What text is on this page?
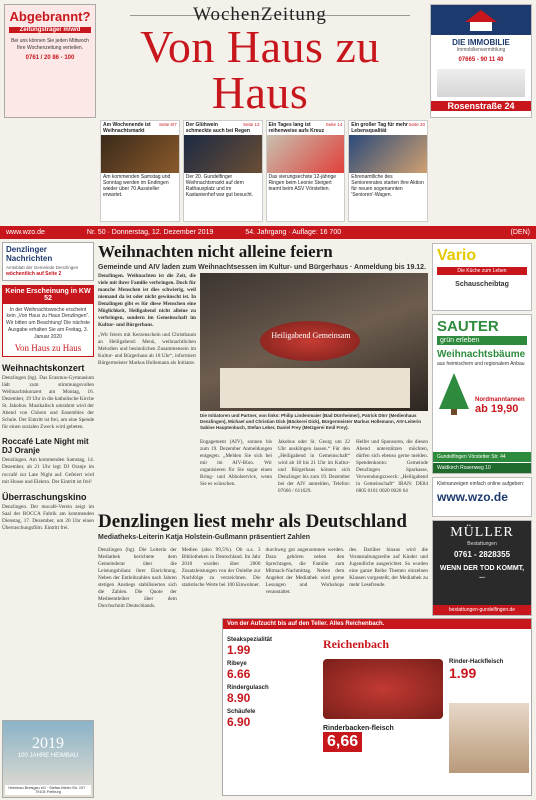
WochenZeitung
Von Haus zu Haus
Abgebrannt?
Zeitungsträger m/w/d
Bei uns können Sie jeden Mittwoch Ihre Wochenzeitung verteilen.
0761 / 20 86 - 100
DIE IMMOBILIE
Immobilienvermittlung
07665 - 90 11 40
Rosenstraße 24
Seite 6/7
Am Wochenende ist Weihnachtsmarkt
Am kommenden Samstag und Sonntag werden im Endingen wieder über 70 Aussteller erwartet.
Seite 13
Der Glühwein schmeckte auch bei Regen
Der 20. Gundelfinger Weihnachtsmarkt auf dem Rathausplatz und im Kastanienhof war gut besucht.
Seite 14
Ein Tages lang ist reihenweise aufs Kreuz
Das vierungsechste 12-jährige Ringen beim Leonie Steigert teamt beim ASV Vörstetten.
Seite 20
Ein großer Tag für mehr Lebensqualität
Ehrenamtliche des Seniorenrates starten ihre Aktion für neuen sogenannten 'Senioren'-Wagen.
www.wzo.de	Nr. 50 · Donnerstag, 12. Dezember 2019	54. Jahrgang · Auflage: 16 700	(DEN)
Denzlinger Nachrichten
Amtsblatt der Gemeinde Denzlingen
wöchentlich auf Seite 2
Keine Erscheinung in KW 52
In der Weihnachtswoche erscheint kein „Von Haus zu Haus Denzlingen“. Wir bitten um Beachtung! Die nächste Ausgabe erhalten Sie am Freitag, 3. Januar 2020
Von Haus zu Haus
Weihnachtskonzert
Denzlingen (hg). Das Erasmus-Gymnasium lädt zum stimmungsvollen Weihnachtskonzert am Montag, 16. Dezember, 19 Uhr in die katholische Kirche St. Jakobus. Musikalisch umrahmt wird der Abend von Chören und Ensembles der Schule. Der Eintritt ist frei, um eine Spende für einen sozialen Zweck wird gebeten.
Roccafé Late Night mit DJ Oranje
Denzlingen. Am kommenden Samstag, 14. Dezember, ab 21 Uhr legt DJ Oranje im roccafé zur Late Night auf. Gefeiert wird mit House und Elektro. Der Eintritt ist frei!
Überraschungskino
Denzlingen. Der mocafé-Verein zeigt im Saal der ROCCA Fabrik am kommenden Dienstag, 17. Dezember, um 20 Uhr einen Überraschungsfilm. Eintritt frei.
2019
100 JAHRE HEIMBAU
Heimbau Breisgau eG · Stefan-Meier-Str. 197 · 79104 Freiburg
Weihnachten nicht alleine feiern
Gemeinde und AIV laden zum Weihnachtsessen im Kultur- und Bürgerhaus · Anmeldung bis 19.12.
Denzlingen. Weihnachten ist die Zeit, die viele mit ihrer Familie verbringen. Doch für manche Menschen ist dies schwierig, weil niemand da ist oder nicht gewünscht ist. In Denzlingen gibt es für diese Menschen eine Möglichkeit, Heiligabend nicht alleine zu verbringen, sondern im Gemeinschaft im Kultur- und Bürgerhaus.
„Wir feiern mit Kerzenschein und Christbaum an Heiligabend: Menü, weihnachtlichen Melodien und besinnlichen Zusammensein im Kultur- und Bürgerhaus ab 18 Uhr“, informiert Bürgermeister Markus Hollemann als Initiator.
Heiligabend Gemeinsam
Die Initiatoren und Partner, von links: Philip Lindenmaier (Bad Dürrheimer), Patrick Dörr (Medienhaus Denzlingen), Michael und Christian Dick (Bäckerei Dick), Bürgermeister Markus Hollemann, AIV-Leiterin Sabine Hauptenbuch, Stefan Leber, Daniel Frey (Metzgerei Emil Frey).
Engagement (AIV), sonnen bis zum 19. Dezember Anmeldungen entgegen. „Melden Sie sich bei mir im AIV-Büro. Wir organisieren für Sie sogar einen Bring- und Abholservice, wenn Sie es wünschen.
Jakobus oder St. Georg um 22 Uhr ausklingen lassen.“ Für den „Heiligabend in Gemeinschaft“ wird ab 18 bis 21 Uhr im Kultur- und Bürgerhaus können sich Denzlinger bis zum 19. Dezember bei der AIV anmelden, Telefon: 07666 / 611629.
Helfer und Sponsoren, die diesen Abend unterstützen möchten, dürfen sich ebenso gerne melden. Spendenkonto: Gemeinde Denzlingen Sparkasse, Verwendungszweck: „Heiligabend in Gemeinschaft“ IBAN: DE84 6805 0101 0020 0026 64
Denzlingen liest mehr als Deutschland
Mediatheks-Leiterin Katja Holstein-Gußmann präsentiert Zahlen
Denzlingen (hg). Die Leiterin der Mediathek berichtete dem Gemeinderat über die Leistungsbilanz ihrer Einrichtung. Neben der Entleihzahlen nach Jahren stetigen Anstiegs stabilisierten sich die Zahlen. Die Quote der Medieentleiher über dem Durchschnitt Deutschlands.
Medien (also 99,5%). Ob u.a. 3 Bibliotheken in Deutschland. Im Jahr 2018 wurden über 2000 Zusatzleistungen von der Onleihe zur Nachfolge zu verzeichnen. Die statistische Werte bei 100 Einwohner.
durchweg gut angenommen werden. Dazu gehören neben den Sprechtagen, die Familie zum Mitmach-Nachmittag. Neben dem Angebot der Mediathek wird gerne Lesungen und Workshops veranstaltet.
des. Darüber hinaus wird die Veranstaltungsreihe auf Kinder und Jugendliche ausgerichtet. So wurden eine ganze Reihe Themen einzelnen Klassen vorgestellt, der Mediathek zu mehr Lesefreude.
Vario
Die Küche zum Leben
Schauscheibtag
SAUTER
grün erleben
Weihnachtsbäume
aus heimischem und regionalem Anbau
Nordmanntannen
ab 19,90
Gundelfingen Vörstetter Str. 44
Waldkirch Rosenweg 10
Kleinanzeigen einfach online aufgeben:
www.wzo.de
MÜLLER
Bestattungen
0761 - 2828355
WENN DER TOD KOMMT, ...
bestattungen-gundelfingen.de
Von der Aufzucht bis auf den Teller. Alles Reichenbach.
Reichenbach
Steakspezialität
1.99
Ribeye
6.66
Rindergulasch
8.90
Schäufele
6.90	Rinderbacken-fleisch
6,66
Rinder-Hackfleisch
1.99
